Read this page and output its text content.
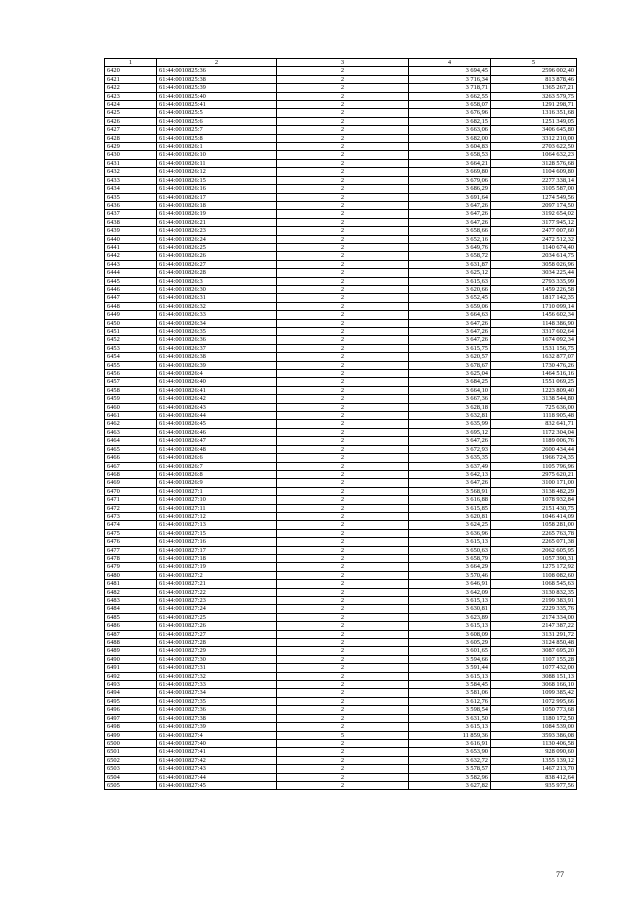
1	2	3	4	5
6420	61:44:0010825:36	2	3 694,45	2596 002,40
6421	61:44:0010825:38	2	3 716,34	813 878,46
6422	61:44:0010825:39	2	3 718,71	1365 267,21
6423	61:44:0010825:40	2	3 662,55	3263 579,75
6424	61:44:0010825:41	2	3 658,07	1291 298,71
6425	61:44:0010825:5	2	3 676,96	1316 351,68
6426	61:44:0010825:6	2	3 682,15	1251 349,05
6427	61:44:0010825:7	2	3 663,06	3406 645,80
6428	61:44:0010825:8	2	3 682,00	3312 210,00
6429	61:44:0010826:1	2	3 604,83	2703 622,50
6430	61:44:0010826:10	2	3 658,53	1064 632,23
6431	61:44:0010826:11	2	3 664,21	3128 576,68
6432	61:44:0010826:12	2	3 669,80	1104 609,80
6433	61:44:0010826:15	2	3 679,06	2277 338,14
6434	61:44:0010826:16	2	3 686,29	3105 587,00
6435	61:44:0010826:17	2	3 691,64	1274 549,56
6436	61:44:0010826:18	2	3 647,26	2097 174,50
6437	61:44:0010826:19	2	3 647,26	3192 654,02
6438	61:44:0010826:21	2	3 647,26	3177 945,12
6439	61:44:0010826:23	2	3 658,66	2477 007,60
6440	61:44:0010826:24	2	3 652,16	2472 512,32
6441	61:44:0010826:25	2	3 649,76	1140 674,40
6442	61:44:0010826:26	2	3 658,72	2034 614,75
6443	61:44:0010826:27	2	3 631,87	3058 026,96
6444	61:44:0010826:28	2	3 625,12	3034 225,44
6445	61:44:0010826:3	2	3 615,63	2793 335,99
6446	61:44:0010826:30	2	3 620,66	1459 226,58
6447	61:44:0010826:31	2	3 652,45	1817 142,35
6448	61:44:0010826:32	2	3 659,06	1710 099,14
6449	61:44:0010826:33	2	3 664,63	1456 602,34
6450	61:44:0010826:34	2	3 647,26	1148 386,90
6451	61:44:0010826:35	2	3 647,26	3317 602,64
6452	61:44:0010826:36	2	3 647,26	1674 092,34
6453	61:44:0010826:37	2	3 615,75	1531 156,75
6454	61:44:0010826:38	2	3 620,57	1632 877,07
6455	61:44:0010826:39	2	3 678,67	1730 476,26
6456	61:44:0010826:4	2	3 625,04	1464 516,16
6457	61:44:0010826:40	2	3 684,25	1551 069,25
6458	61:44:0010826:41	2	3 664,10	1223 809,40
6459	61:44:0010826:42	2	3 667,36	3138 544,80
6460	61:44:0010826:43	2	3 628,18	725 636,00
6461	61:44:0010826:44	2	3 632,81	1118 905,48
6462	61:44:0010826:45	2	3 635,99	832 641,71
6463	61:44:0010826:46	2	3 695,12	1172 304,04
6464	61:44:0010826:47	2	3 647,26	1189 006,76
6465	61:44:0010826:48	2	3 672,93	2600 434,44
6466	61:44:0010826:6	2	3 635,35	1966 724,35
6467	61:44:0010826:7	2	3 637,49	1105 796,96
6468	61:44:0010826:8	2	3 642,13	2975 620,21
6469	61:44:0010826:9	2	3 647,26	3100 171,00
6470	61:44:0010827:1	2	3 568,91	3138 482,29
6471	61:44:0010827:10	2	3 616,88	1078 932,84
6472	61:44:0010827:11	2	3 615,85	2151 430,75
6473	61:44:0010827:12	2	3 620,81	1046 414,09
6474	61:44:0010827:13	2	3 624,25	1058 281,00
6475	61:44:0010827:15	2	3 636,96	2265 763,78
6476	61:44:0010827:16	2	3 615,13	2265 071,38
6477	61:44:0010827:17	2	3 650,63	2062 605,95
6478	61:44:0010827:18	2	3 658,79	1057 390,31
6479	61:44:0010827:19	2	3 664,29	1275 172,92
6480	61:44:0010827:2	2	3 570,46	1108 082,60
6481	61:44:0010827:21	2	3 646,91	1068 545,63
6482	61:44:0010827:22	2	3 642,09	3130 832,35
6483	61:44:0010827:23	2	3 615,13	2199 383,91
6484	61:44:0010827:24	2	3 630,81	2229 335,76
6485	61:44:0010827:25	2	3 623,89	2174 334,00
6486	61:44:0010827:26	2	3 615,13	2147 387,22
6487	61:44:0010827:27	2	3 608,09	3131 291,72
6488	61:44:0010827:28	2	3 605,29	3124 850,48
6489	61:44:0010827:29	2	3 601,65	3087 695,20
6490	61:44:0010827:30	2	3 594,66	1107 155,28
6491	61:44:0010827:31	2	3 591,44	1077 432,00
6492	61:44:0010827:32	2	3 615,13	3088 151,13
6493	61:44:0010827:33	2	3 584,45	3068 166,10
6494	61:44:0010827:34	2	3 581,06	1099 385,42
6495	61:44:0010827:35	2	3 612,76	1072 995,66
6496	61:44:0010827:36	2	3 598,54	1050 773,68
6497	61:44:0010827:38	2	3 631,50	1180 172,50
6498	61:44:0010827:39	2	3 615,13	1084 539,00
6499	61:44:0010827:4	5	11 859,36	3593 386,08
6500	61:44:0010827:40	2	3 616,91	1130 406,58
6501	61:44:0010827:41	2	3 653,90	928 090,60
6502	61:44:0010827:42	2	3 632,72	1355 139,12
6503	61:44:0010827:43	2	3 578,57	1467 213,70
6504	61:44:0010827:44	2	3 582,96	838 412,64
6505	61:44:0010827:45	2	3 627,82	935 977,56
77
